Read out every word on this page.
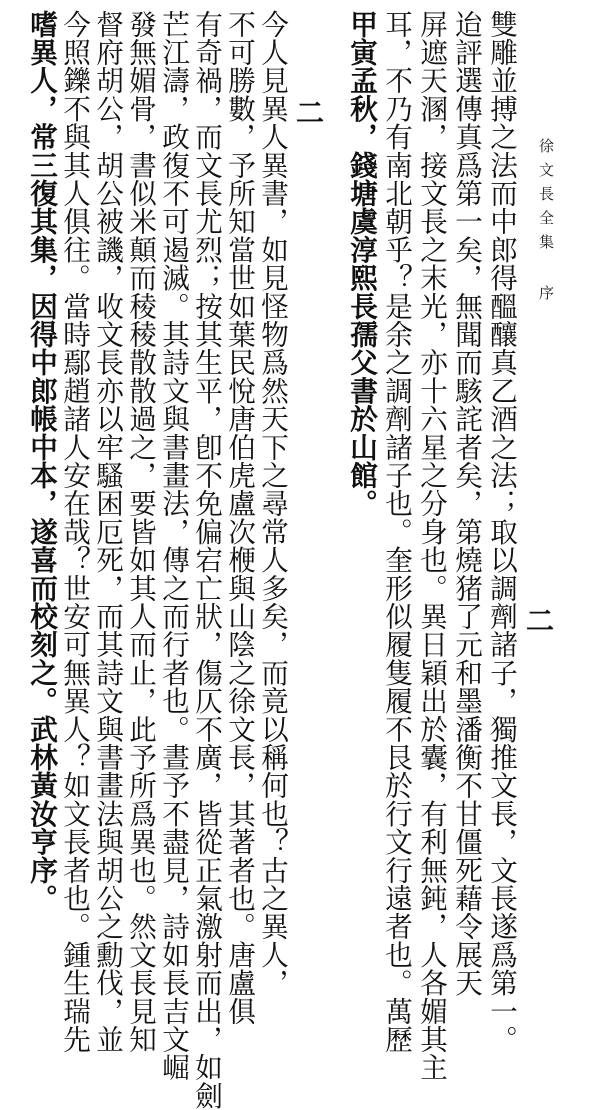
徐文長全集 序
二
二	雙雕並搏之法而中郎得醞釀真乙酒之法；取以調劑諸子，獨推文長，文長遂爲第一。
迨評選傳真爲第一矣，無聞而駭詫者矣，第燒猪了元和墨潘衡不甘僵死藉令展天
屏遮天溷，接文長之末光，亦十六星之分身也。異日穎出於囊，有利無鈍，人各媚其主
耳，不乃有南北朝乎？是余之調劑諸子也。奎形似履隻履不艮於行文行遠者也。萬歷
甲寅孟秋，錢塘虞淳熙長孺父書於山館。
今人見異人異書，如見怪物爲然天下之尋常人多矣，而竟以稱何也？古之異人，
不可勝數，予所知當世如葉民悅唐伯虎盧次楩與山陰之徐文長，其著者也。唐盧俱
有奇禍，而文長尤烈；按其生平，卽不免偏宕亡狀，傷仄不廣，皆從正氣激射而出，如劍
芒江濤，政復不可遏滅。其詩文與書畫法，傳之而行者也。晝予不盡見，詩如長吉文崛
發無媚骨，書似米顛而稜稜散散過之，要皆如其人而止，此予所爲異也。然文長見知
督府胡公，胡公被譏，收文長亦以牢騷困厄死，而其詩文與書畫法與胡公之勳伐，並
今照鑠不與其人俱往。當時鄢趙諸人安在哉？世安可無異人？如文長者也。鍾生瑞先
嗜異人，常三復其集，因得中郎帳中本，遂喜而校刻之。武林黃汝亨序。
